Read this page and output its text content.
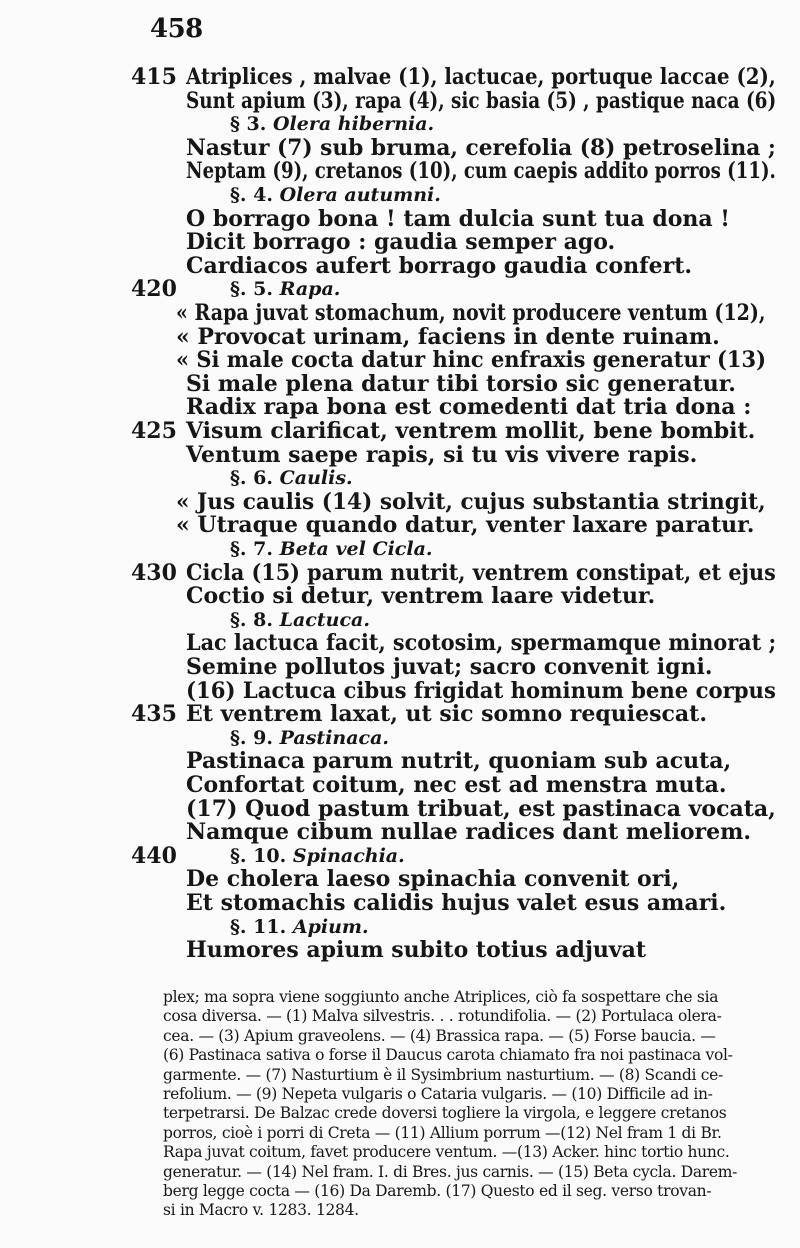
458
415
420
425
430
435
440
Atriplices , malvae (1), lactucae, portuque laccae (2),
Sunt apium (3), rapa (4), sic basia (5) , pastique naca (6)
§ 3. Olera hibernia.
Nastur (7) sub bruma, cerefolia (8) petroselina ;
Neptam (9), cretanos (10), cum caepis addito porros (11).
§. 4. Olera autumni.
O borrago bona ! tam dulcia sunt tua dona !
Dicit borrago : gaudia semper ago.
Cardiacos aufert borrago gaudia confert.
§. 5. Rapa.
« Rapa juvat stomachum, novit producere ventum (12),
« Provocat urinam, faciens in dente ruinam.
« Si male cocta datur hinc enfraxis generatur (13)
Si male plena datur tibi torsio sic generatur.
Radix rapa bona est comedenti dat tria dona :
Visum clarificat, ventrem mollit, bene bombit.
Ventum saepe rapis, si tu vis vivere rapis.
§. 6. Caulis.
« Jus caulis (14) solvit, cujus substantia stringit,
« Utraque quando datur, venter laxare paratur.
§. 7. Beta vel Cicla.
Cicla (15) parum nutrit, ventrem constipat, et ejus
Coctio si detur, ventrem laare videtur.
§. 8. Lactuca.
Lac lactuca facit, scotosim, spermamque minorat ;
Semine pollutos juvat; sacro convenit igni.
(16) Lactuca cibus frigidat hominum bene corpus
Et ventrem laxat, ut sic somno requiescat.
§. 9. Pastinaca.
Pastinaca parum nutrit, quoniam sub acuta,
Confortat coitum, nec est ad menstra muta.
(17) Quod pastum tribuat, est pastinaca vocata,
Namque cibum nullae radices dant meliorem.
§. 10. Spinachia.
De cholera laeso spinachia convenit ori,
Et stomachis calidis hujus valet esus amari.
§. 11. Apium.
Humores apium subito totius adjuvat
plex; ma sopra viene soggiunto anche Atriplices, ciò fa sospettare che sia
cosa diversa. — (1) Malva silvestris. . . rotundifolia. — (2) Portulaca olera-
cea. — (3) Apium graveolens. — (4) Brassica rapa. — (5) Forse baucia. —
(6) Pastinaca sativa o forse il Daucus carota chiamato fra noi pastinaca vol-
garmente. — (7) Nasturtium è il Sysimbrium nasturtium. — (8) Scandi ce-
refolium. — (9) Nepeta vulgaris o Cataria vulgaris. — (10) Difficile ad in-
terpetrarsi. De Balzac crede doversi togliere la virgola, e leggere cretanos
porros, cioè i porri di Creta — (11) Allium porrum —(12) Nel fram 1 di Br.
Rapa juvat coitum, favet producere ventum. —(13) Acker. hinc tortio hunc.
generatur. — (14) Nel fram. I. di Bres. jus carnis. — (15) Beta cycla. Darem-
berg legge cocta — (16) Da Daremb. (17) Questo ed il seg. verso trovan-
si in Macro v. 1283. 1284.
